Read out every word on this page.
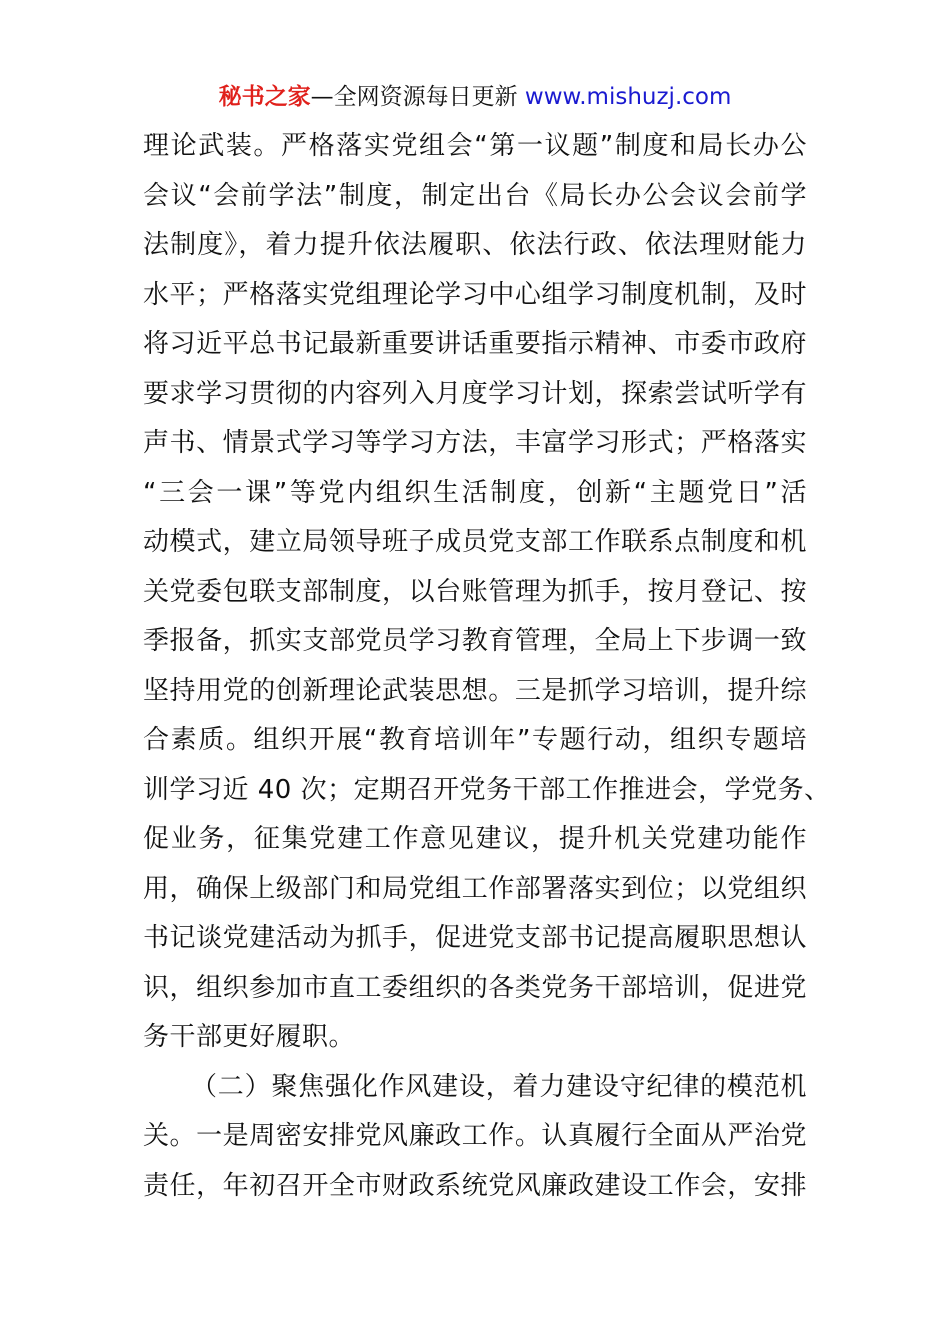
秘书之家—全网资源每日更新 www.mishuzj.com
理论武装。严格落实党组会“第一议题”制度和局长办公
会议“会前学法”制度，制定出台《局长办公会议会前学
法制度》，着力提升依法履职、依法行政、依法理财能力
水平；严格落实党组理论学习中心组学习制度机制，及时
将习近平总书记最新重要讲话重要指示精神、市委市政府
要求学习贯彻的内容列入月度学习计划，探索尝试听学有
声书、情景式学习等学习方法，丰富学习形式；严格落实
“三会一课”等党内组织生活制度，创新“主题党日”活
动模式，建立局领导班子成员党支部工作联系点制度和机
关党委包联支部制度，以台账管理为抓手，按月登记、按
季报备，抓实支部党员学习教育管理，全局上下步调一致
坚持用党的创新理论武装思想。三是抓学习培训，提升综
合素质。组织开展“教育培训年”专题行动，组织专题培
训学习近 40 次；定期召开党务干部工作推进会，学党务、
促业务，征集党建工作意见建议，提升机关党建功能作
用，确保上级部门和局党组工作部署落实到位；以党组织
书记谈党建活动为抓手，促进党支部书记提高履职思想认
识，组织参加市直工委组织的各类党务干部培训，促进党
务干部更好履职。
（二）聚焦强化作风建设，着力建设守纪律的模范机
关。一是周密安排党风廉政工作。认真履行全面从严治党
责任，年初召开全市财政系统党风廉政建设工作会，安排
